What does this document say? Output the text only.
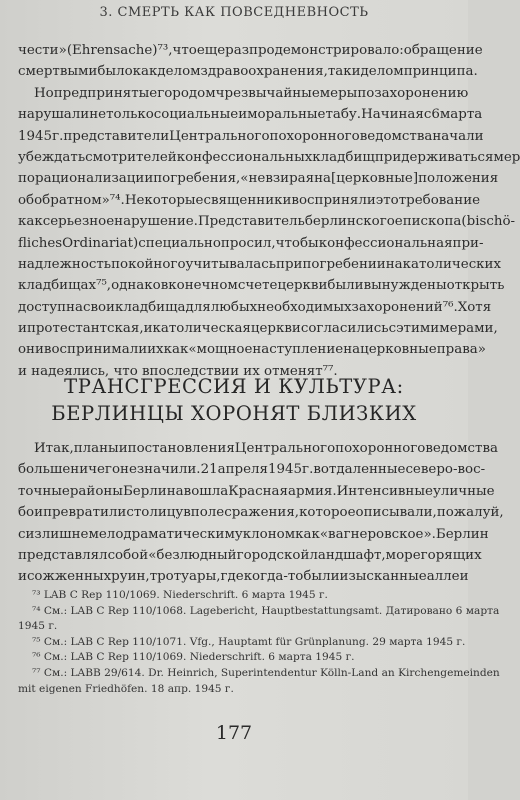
3. СМЕРТЬ КАК ПОВСЕДНЕВНОСТЬ
чести» (Ehrensache)⁷³, что еще раз продемонстрировало: обращение
с мертвыми было как делом здравоохранения, так и делом принципа.
Но предпринятые городом чрезвычайные меры по захоронению
нарушали не только социальные и моральные табу. Начиная с 6 марта
1945 г. представители Центрального похоронного ведомства начали
убеждать смотрителей конфессиональных кладбищ придерживаться мер
по рационализации погребения, «невзирая на [церковные] положения
об обратном»⁷⁴. Некоторые священники восприняли это требование
как серьезное нарушение. Представитель берлинского епископа (bischö-
fliches Ordinariat) специально просил, чтобы конфессиональная при-
надлежность покойного учитывалась при погребении на католических
кладбищах⁷⁵, однако в конечном счете церкви были вынуждены открыть
доступ на свои кладбища для любых необходимых захоронений⁷⁶. Хотя
и протестантская, и католическая церкви согласились с этими мерами,
они воспринимали их как «мощное наступление на церковные права»
и надеялись, что впоследствии их отменят⁷⁷.
ТРАНСГРЕССИЯ И КУЛЬТУРА:
БЕРЛИНЦЫ ХОРОНЯТ БЛИЗКИХ
Итак, планы и постановления Центрального похоронного ведомства
больше ничего не значили. 21 апреля 1945 г. в отдаленные северо-вос-
точные районы Берлина вошла Красная армия. Интенсивные уличные
бои превратили столицу в поле сражения, которое описывали, пожалуй,
с излишне мелодраматическим уклоном как «вагнеровское». Берлин
представлял собой «безлюдный городской ландшафт, море горящих
и сожженных руин, тротуары, где когда-то были изысканные аллеи
⁷³ LAB C Rep 110/1069. Niederschrift. 6 марта 1945 г.
⁷⁴ См.: LAB C Rep 110/1068. Lagebericht, Hauptbestattungsamt. Датировано 6 марта
1945 г.
⁷⁵ См.: LAB C Rep 110/1071. Vfg., Hauptamt für Grünplanung. 29 марта 1945 г.
⁷⁶ См.: LAB C Rep 110/1069. Niederschrift. 6 марта 1945 г.
⁷⁷ См.: LABB 29/614. Dr. Heinrich, Superintendentur Kölln-Land an Kirchengemeinden
mit eigenen Friedhöfen. 18 апр. 1945 г.
177
